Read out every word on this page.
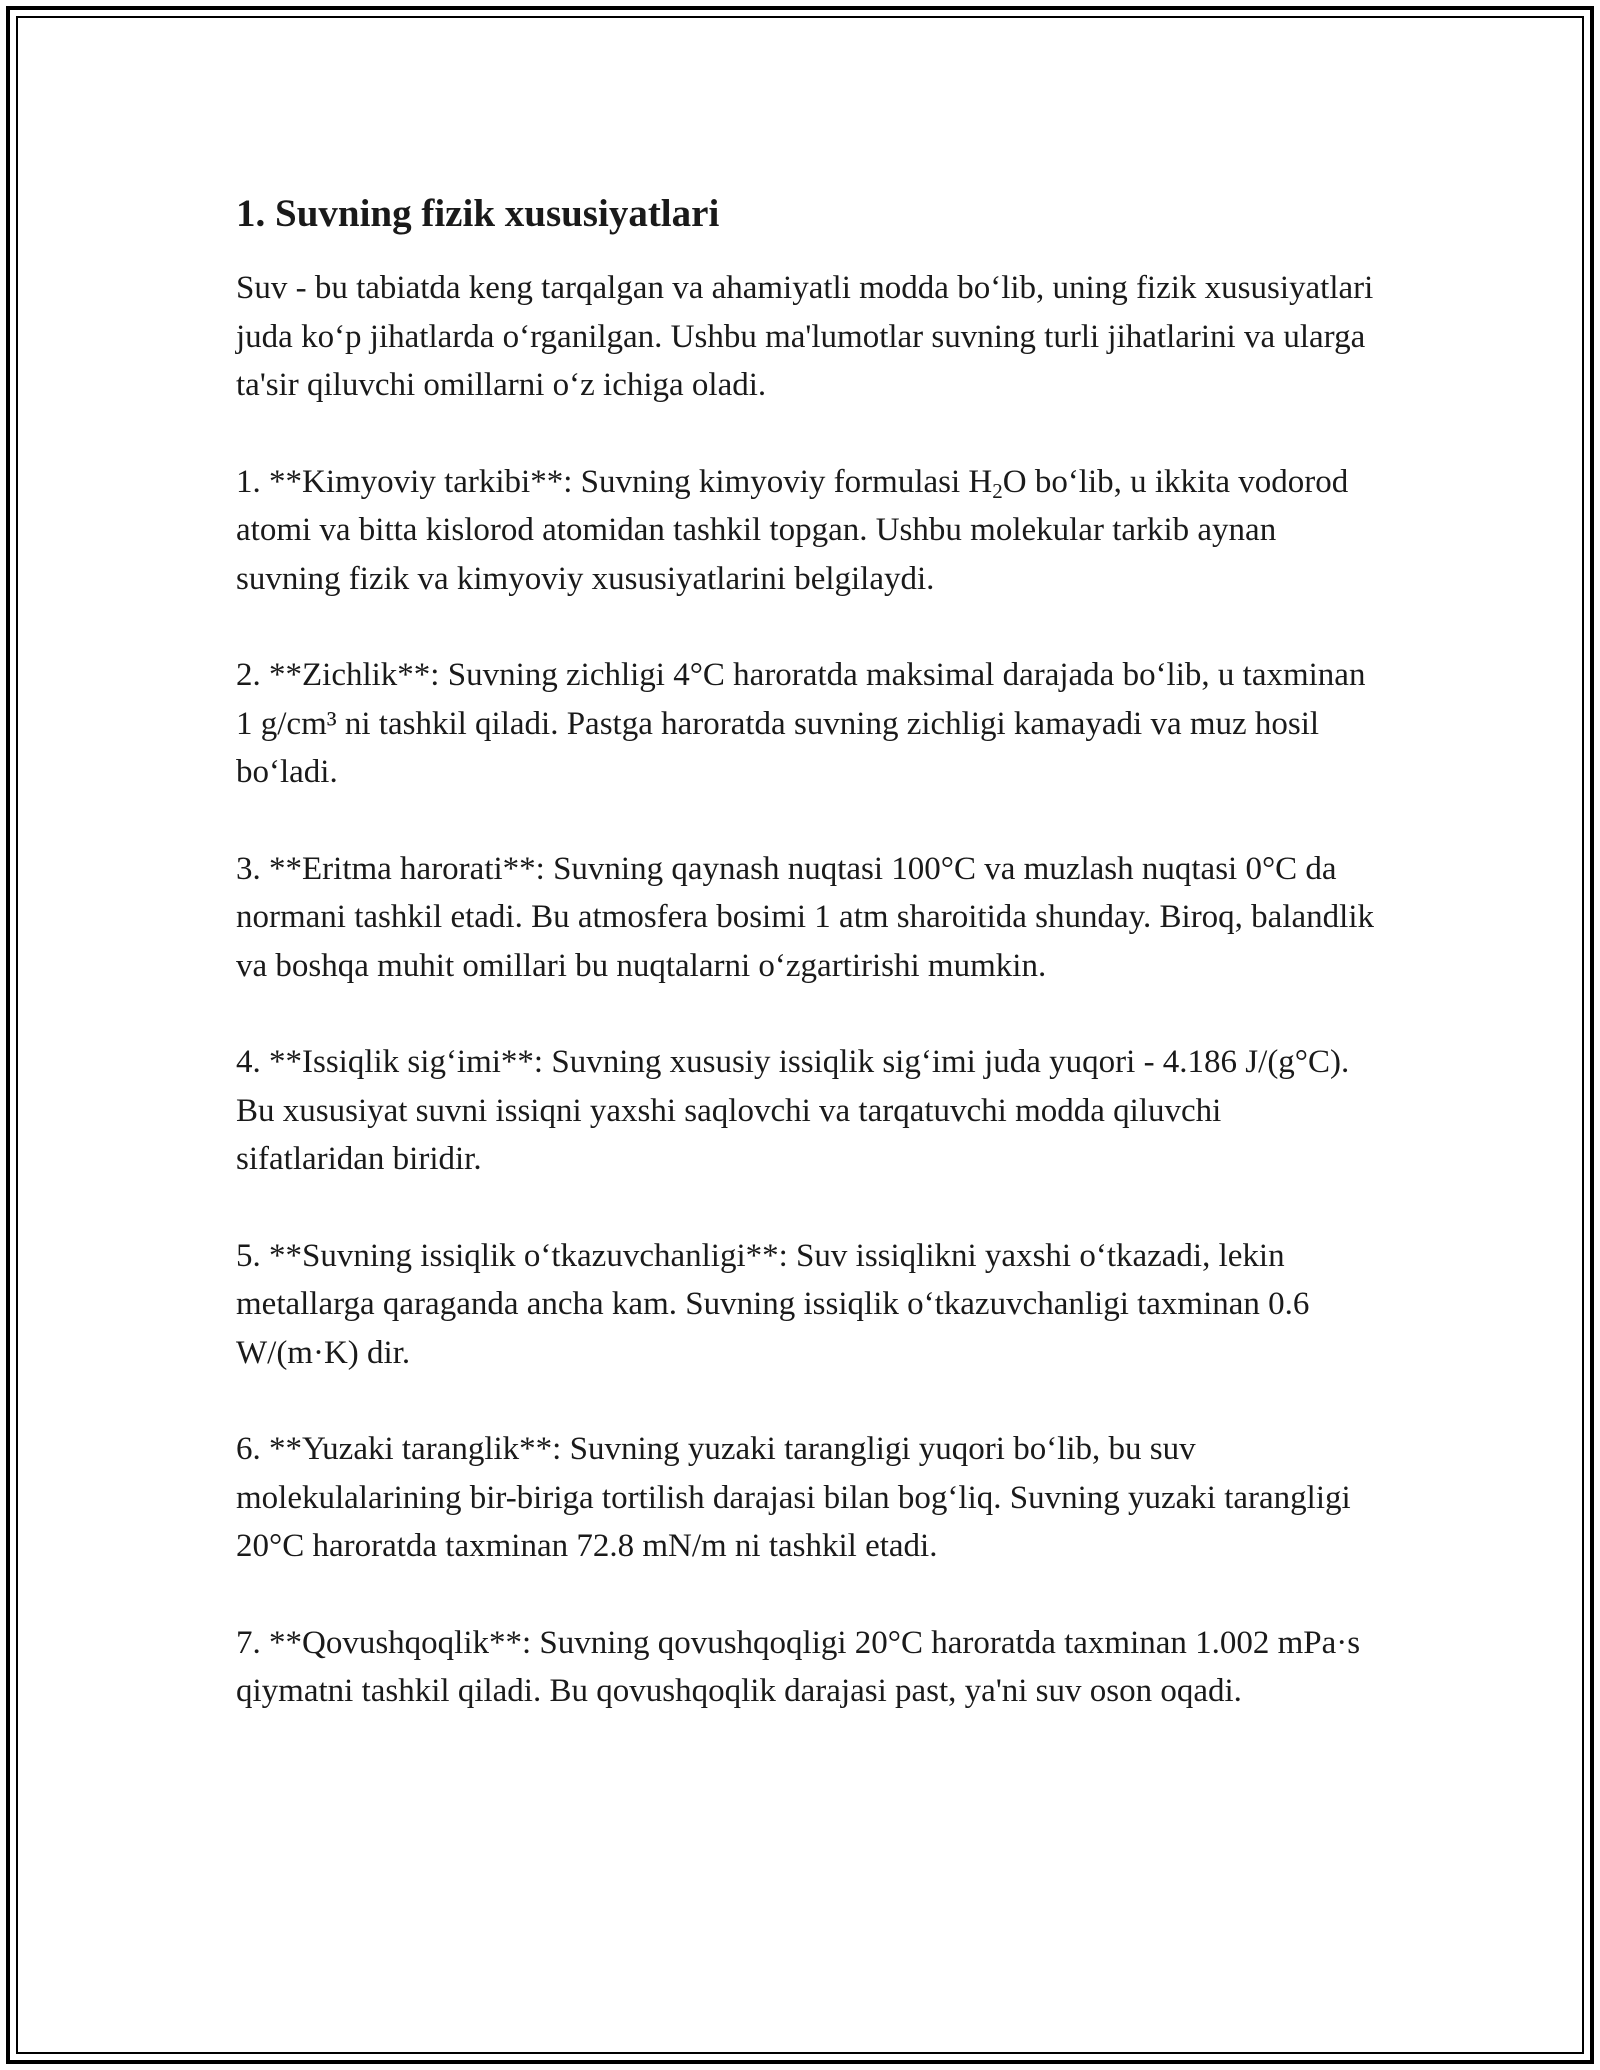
1. Suvning fizik xususiyatlari

Suv - bu tabiatda keng tarqalgan va ahamiyatli modda bo‘lib, uning fizik xususiyatlari juda ko‘p jihatlarda o‘rganilgan. Ushbu ma'lumotlar suvning turli jihatlarini va ularga ta'sir qiluvchi omillarni o‘z ichiga oladi.

1. **Kimyoviy tarkibi**: Suvning kimyoviy formulasi $H_2O$ bo‘lib, u ikkita vodorod atomi va bitta kislorod atomidan tashkil topgan. Ushbu molekular tarkib aynan suvning fizik va kimyoviy xususiyatlarini belgilaydi.

2. **Zichlik**: Suvning zichligi 4°C haroratda maksimal darajada bo‘lib, u taxminan 1 g/cm³ ni tashkil qiladi. Pastga haroratda suvning zichligi kamayadi va muz hosil bo‘ladi.

3. **Eritma harorati**: Suvning qaynash nuqtasi 100°C va muzlash nuqtasi 0°C da normani tashkil etadi. Bu atmosfera bosimi 1 atm sharoitida shunday. Biroq, balandlik va boshqa muhit omillari bu nuqtalarni o‘zgartirishi mumkin.

4. **Issiqlik sig‘imi**: Suvning xususiy issiqlik sig‘imi juda yuqori - 4.186 J/(g°C). Bu xususiyat suvni issiqni yaxshi saqlovchi va tarqatuvchi modda qiluvchi sifatlaridan biridir.

5. **Suvning issiqlik o‘tkazuvchanligi**: Suv issiqlikni yaxshi o‘tkazadi, lekin metallarga qaraganda ancha kam. Suvning issiqlik o‘tkazuvchanligi taxminan 0.6 W/(m·K) dir.

6. **Yuzaki taranglik**: Suvning yuzaki tarangligi yuqori bo‘lib, bu suv molekulalarining bir-biriga tortilish darajasi bilan bog‘liq. Suvning yuzaki tarangligi 20°C haroratda taxminan 72.8 mN/m ni tashkil etadi.

7. **Qovushqoqlik**: Suvning qovushqoqligi 20°C haroratda taxminan 1.002 mPa·s qiymatni tashkil qiladi. Bu qovushqoqlik darajasi past, ya'ni suv oson oqadi.
